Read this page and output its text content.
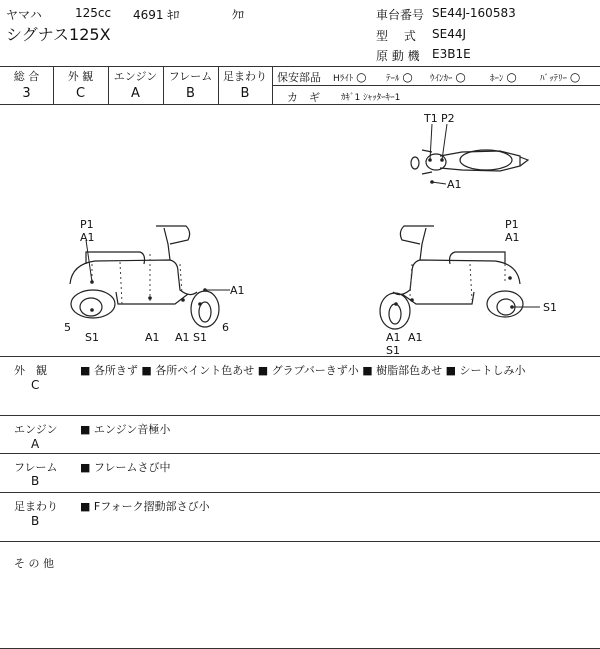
ヤマハ	125cc 4691 ｷﾛ	ｸﾛ
シグナス125X
車台番号 SE44J-160583
型　 式 SE44J
原 動 機 E3B1E
総 合	外 観	エンジン	フレーム 足まわり
3	C	A	B	B
保安部品 Hﾗｲﾄ ○ ﾃｰﾙ ○ ｳｲﾝｶｰ ○	ﾎｰﾝ ○	ﾊﾞｯﾃﾘｰ ○
カ　ギ ｶｷﾞ1 ｼｬｯﾀｰｷｰ1
T1 P2
A1
P1
A1
A1
5
S1	A1 A1 S1
6
P1
A1
S1
A1 A1
S1
外　観
C
■ 各所きず ■ 各所ペイント色あせ ■ グラブバーきず小 ■ 樹脂部色あせ ■ シートしみ小
エンジン
A
■ エンジン音極小
フレーム
B
■ フレームさび中
足まわり
B
■ Fフォーク摺動部さび小
そ の 他
